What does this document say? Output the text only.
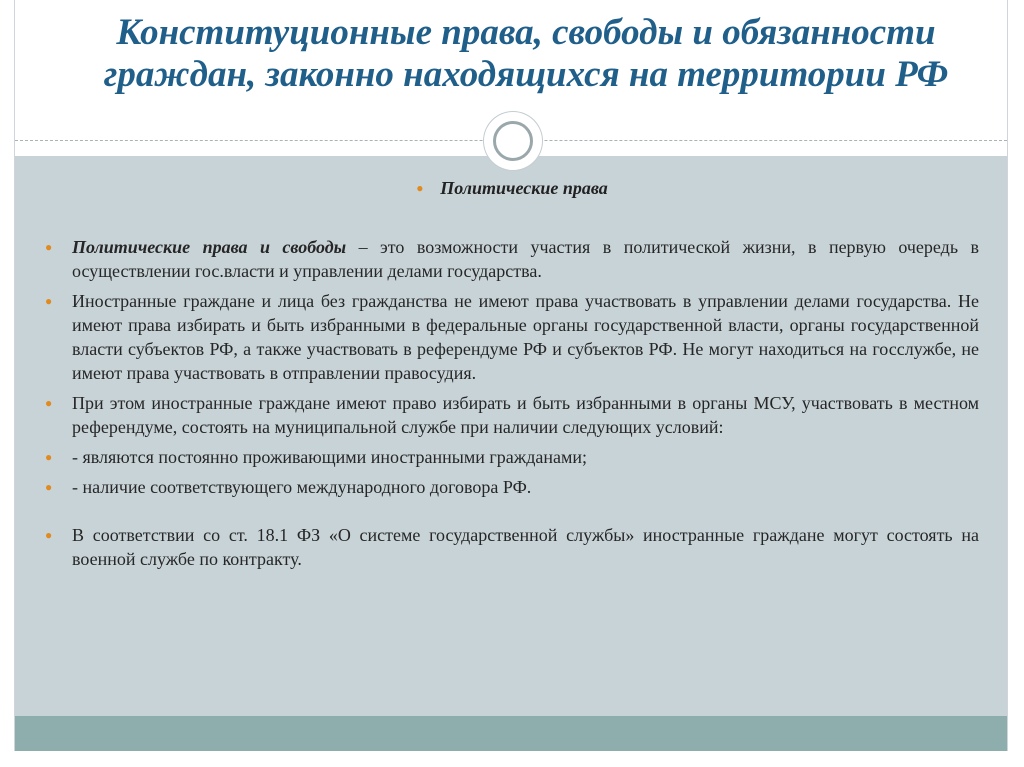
Конституционные права, свободы и обязанности граждан, законно находящихся на территории РФ
● Политические права
● Политические права и свободы – это возможности участия в политической жизни, в первую очередь в осуществлении гос.власти и управлении делами государства.
● Иностранные граждане и лица без гражданства не имеют права участвовать в управлении делами государства. Не имеют права избирать и быть избранными в федеральные органы государственной власти, органы государственной власти субъектов РФ, а также участвовать в референдуме РФ и субъектов РФ. Не могут находиться на госслужбе, не имеют права участвовать в отправлении правосудия.
● При этом иностранные граждане имеют право избирать и быть избранными в органы МСУ, участвовать в местном референдуме, состоять на муниципальной службе при наличии следующих условий:
● - являются постоянно проживающими иностранными гражданами;
● - наличие соответствующего международного договора РФ.
● В соответствии со ст. 18.1 ФЗ «О системе государственной службы» иностранные граждане могут состоять на военной службе по контракту.
